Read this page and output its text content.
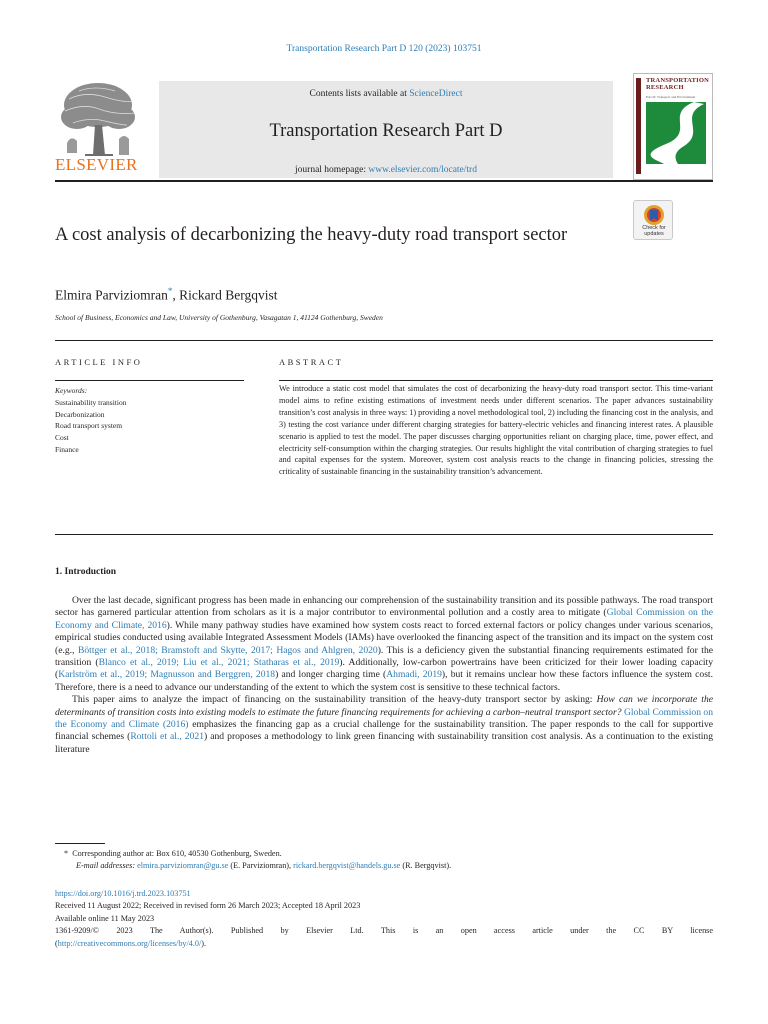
Transportation Research Part D 120 (2023) 103751
ELSEVIER
Contents lists available at ScienceDirect
Transportation Research Part D
journal homepage: www.elsevier.com/locate/trd
TRANSPORTATION RESEARCH
Part D: Transport and Environment
Check for
updates
A cost analysis of decarbonizing the heavy-duty road transport sector
Elmira Parviziomran*, Rickard Bergqvist
School of Business, Economics and Law, University of Gothenburg, Vasagatan 1, 41124 Gothenburg, Sweden
ARTICLE INFO	ABSTRACT
Keywords:
Sustainability transition
Decarbonization
Road transport system
Cost
Finance
We introduce a static cost model that simulates the cost of decarbonizing the heavy-duty road transport sector. This time-variant model aims to refine existing estimations of investment needs under different scenarios. The paper advances sustainability transition’s cost analysis in three ways: 1) providing a novel methodological tool, 2) including the financing cost in the analysis, and 3) testing the cost variance under different charging strategies for battery-electric vehicles and financing interest rates. A plausible scenario is applied to test the model. The paper discusses charging opportunities reliant on charging place, time, power effect, and electricity self-consumption within the charging strategies. Our results highlight the vital contribution of charging strategies to fuel and capital expenses for the system. Moreover, system cost analysis reacts to the change in financing policies, stressing the criticality of sustainable financing in the sustainability transition’s advancement.
1. Introduction

Over the last decade, significant progress has been made in enhancing our comprehension of the sustainability transition and its possible pathways. The road transport sector has garnered particular attention from scholars as it is a major contributor to environmental pollution and a costly area to mitigate (Global Commission on the Economy and Climate, 2016). While many pathway studies have examined how system costs react to forced external factors or policy changes under various scenarios, empirical studies conducted using available Integrated Assessment Models (IAMs) have overlooked the financing aspect of the transition and its impact on the system cost (e.g., Böttger et al., 2018; Bramstoft and Skytte, 2017; Hagos and Ahlgren, 2020). This is a deficiency given the substantial financing requirements estimated for the transition (Blanco et al., 2019; Liu et al., 2021; Statharas et al., 2019). Additionally, low-carbon powertrains have been criticized for their lower loading capacity (Karlström et al., 2019; Magnusson and Berggren, 2018) and longer charging time (Ahmadi, 2019), but it remains unclear how these factors influence the system cost. Therefore, there is a need to advance our understanding of the extent to which the system cost is sensitive to these technical factors.

This paper aims to analyze the impact of financing on the sustainability transition of the heavy-duty transport sector by asking: How can we incorporate the determinants of transition costs into existing models to estimate the future financing requirements for achieving a carbon–neutral transport sector? Global Commission on the Economy and Climate (2016) emphasizes the financing gap as a crucial challenge for the sustainability transition. The paper responds to the call for supportive financial schemes (Rottoli et al., 2021) and proposes a methodology to link green financing with sustainability transition cost analysis. As a continuation to the existing literature

* Corresponding author at: Box 610, 40530 Gothenburg, Sweden.
E-mail addresses: elmira.parviziomran@gu.se (E. Parviziomran), rickard.bergqvist@handels.gu.se (R. Bergqvist).
https://doi.org/10.1016/j.trd.2023.103751
Received 11 August 2022; Received in revised form 26 March 2023; Accepted 18 April 2023
Available online 11 May 2023
1361-9209/© 2023 The Author(s). Published by Elsevier Ltd. This is an open access article under the CC BY license
(http://creativecommons.org/licenses/by/4.0/).
